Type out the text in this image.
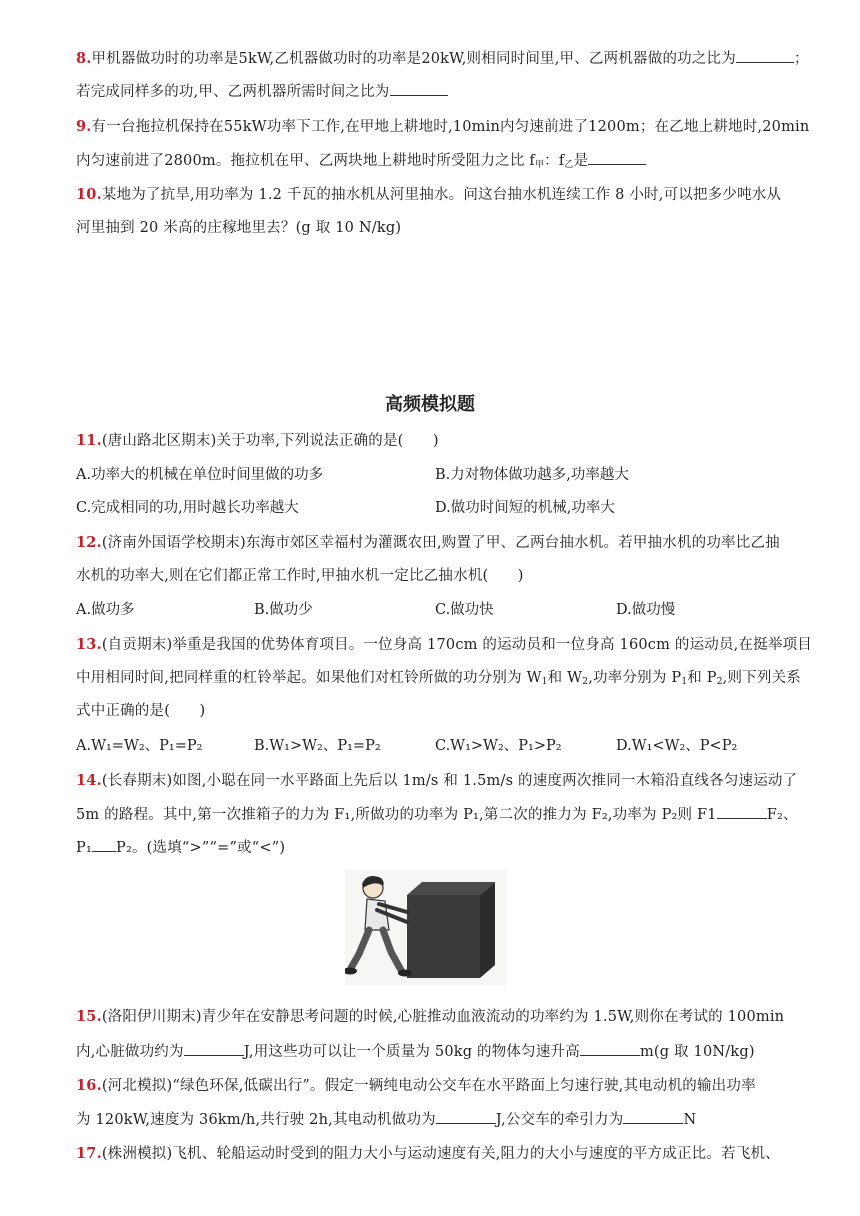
8.甲机器做功时的功率是5kW,乙机器做功时的功率是20kW,则相同时间里,甲、乙两机器做的功之比为	；
若完成同样多的功,甲、乙两机器所需时间之比为
9.有一台拖拉机保持在55kW功率下工作,在甲地上耕地时,10min内匀速前进了1200m；在乙地上耕地时,20min
内匀速前进了2800m。拖拉机在甲、乙两块地上耕地时所受阻力之比 $f_甲$：$f_乙$是
10.某地为了抗旱,用功率为 1.2 千瓦的抽水机从河里抽水。问这台抽水机连续工作 8 小时,可以把多少吨水从
河里抽到 20 米高的庄稼地里去？(g 取 10 N/kg)
高频模拟题
11.(唐山路北区期末)关于功率,下列说法正确的是(　　)
A.功率大的机械在单位时间里做的功多	B.力对物体做功越多,功率越大
C.完成相同的功,用时越长功率越大	D.做功时间短的机械,功率大
12.(济南外国语学校期末)东海市郊区幸福村为灌溉农田,购置了甲、乙两台抽水机。若甲抽水机的功率比乙抽
水机的功率大,则在它们都正常工作时,甲抽水机一定比乙抽水机(　　)
A.做功多	B.做功少	C.做功快	D.做功慢
13.(自贡期末)举重是我国的优势体育项目。一位身高 170cm 的运动员和一位身高 160cm 的运动员,在挺举项目
中用相同时间,把同样重的杠铃举起。如果他们对杠铃所做的功分别为 $W_1$和 $W_2$,功率分别为 $P_1$和 $P_2$,则下列关系
式中正确的是(　　)
A.W₁=W₂、P₁=P₂	B.W₁>W₂、P₁=P₂	C.W₁>W₂、P₁>P₂	D.W₁<W₂、P<P₂
14.(长春期末)如图,小聪在同一水平路面上先后以 1m/s 和 1.5m/s 的速度两次推同一木箱沿直线各匀速运动了
5m 的路程。其中,第一次推箱子的力为 F₁,所做功的功率为 P₁,第二次的推力为 F₂,功率为 P₂则 F1	F₂、
P₁ P₂。(选填“>”“=”或“<”)
15.(洛阳伊川期末)青少年在安静思考问题的时候,心脏推动血液流动的功率约为 1.5W,则你在考试的 100min
内,心脏做功约为	J,用这些功可以让一个质量为 50kg 的物体匀速升高	m(g 取 10N/kg)
16.(河北模拟)“绿色环保,低碳出行”。假定一辆纯电动公交车在水平路面上匀速行驶,其电动机的输出功率
为 120kW,速度为 36km/h,共行驶 2h,其电动机做功为	J,公交车的牵引力为	N
17.(株洲模拟)飞机、轮船运动时受到的阻力大小与运动速度有关,阻力的大小与速度的平方成正比。若飞机、
